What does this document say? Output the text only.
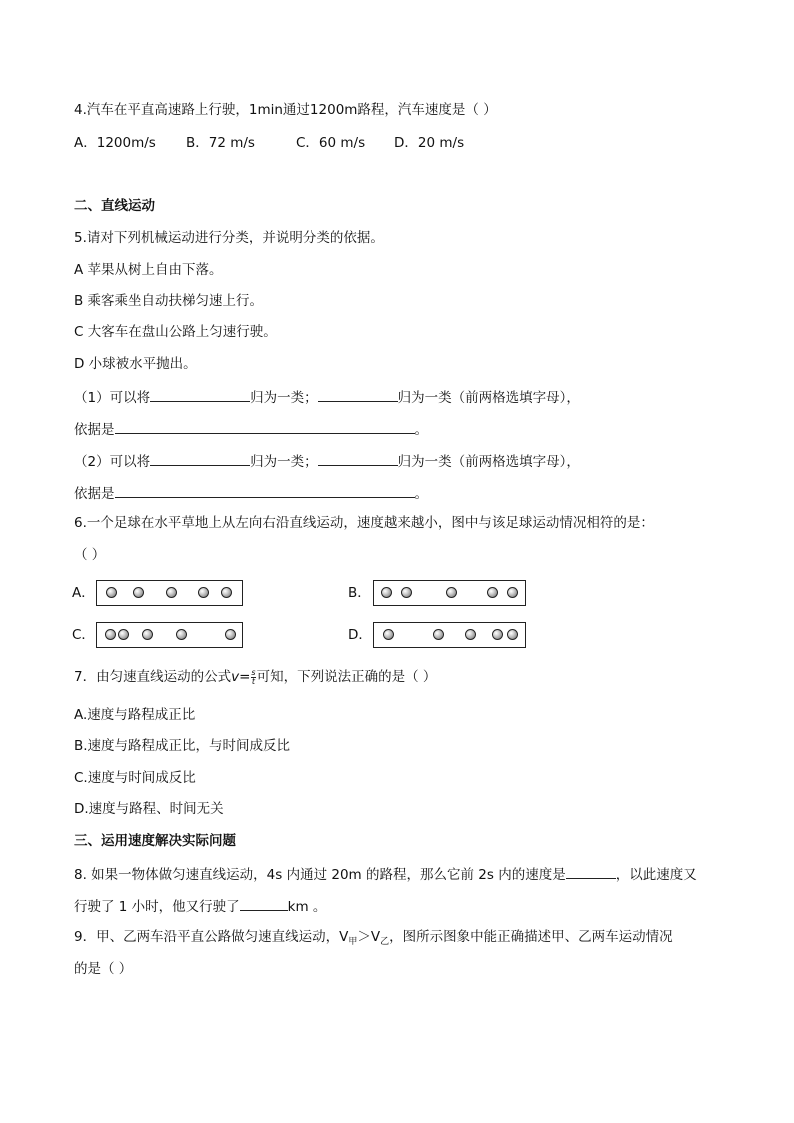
4.汽车在平直高速路上行驶，1min通过1200m路程，汽车速度是（ ）
A．1200m/s B．72 m/s	C．60 m/s D．20 m/s
二、直线运动
5.请对下列机械运动进行分类，并说明分类的依据。
A 苹果从树上自由下落。
B 乘客乘坐自动扶梯匀速上行。
C 大客车在盘山公路上匀速行驶。
D 小球被水平抛出。
（1）可以将	归为一类；	归为一类（前两格选填字母），
依据是	。
（2）可以将	归为一类；	归为一类（前两格选填字母），
依据是	。
6.一个足球在水平草地上从左向右沿直线运动，速度越来越小，图中与该足球运动情况相符的是：
（ ）
A．	B．
C．	D．
7．由匀速直线运动的公式$v= \frac{s}{t}$ 可知，下列说法正确的是（ ）
A.速度与路程成正比
B.速度与路程成正比，与时间成反比
C.速度与时间成反比
D.速度与路程、时间无关
三、运用速度解决实际问题
8. 如果一物体做匀速直线运动，4s 内通过 20m 的路程，那么它前 2s 内的速度是	，以此速度又
行驶了 1 小时，他又行驶了	km 。
9．甲、乙两车沿平直公路做匀速直线运动，$V_甲>V_乙$，图所示图象中能正确描述甲、乙两车运动情况
的是（ ）
